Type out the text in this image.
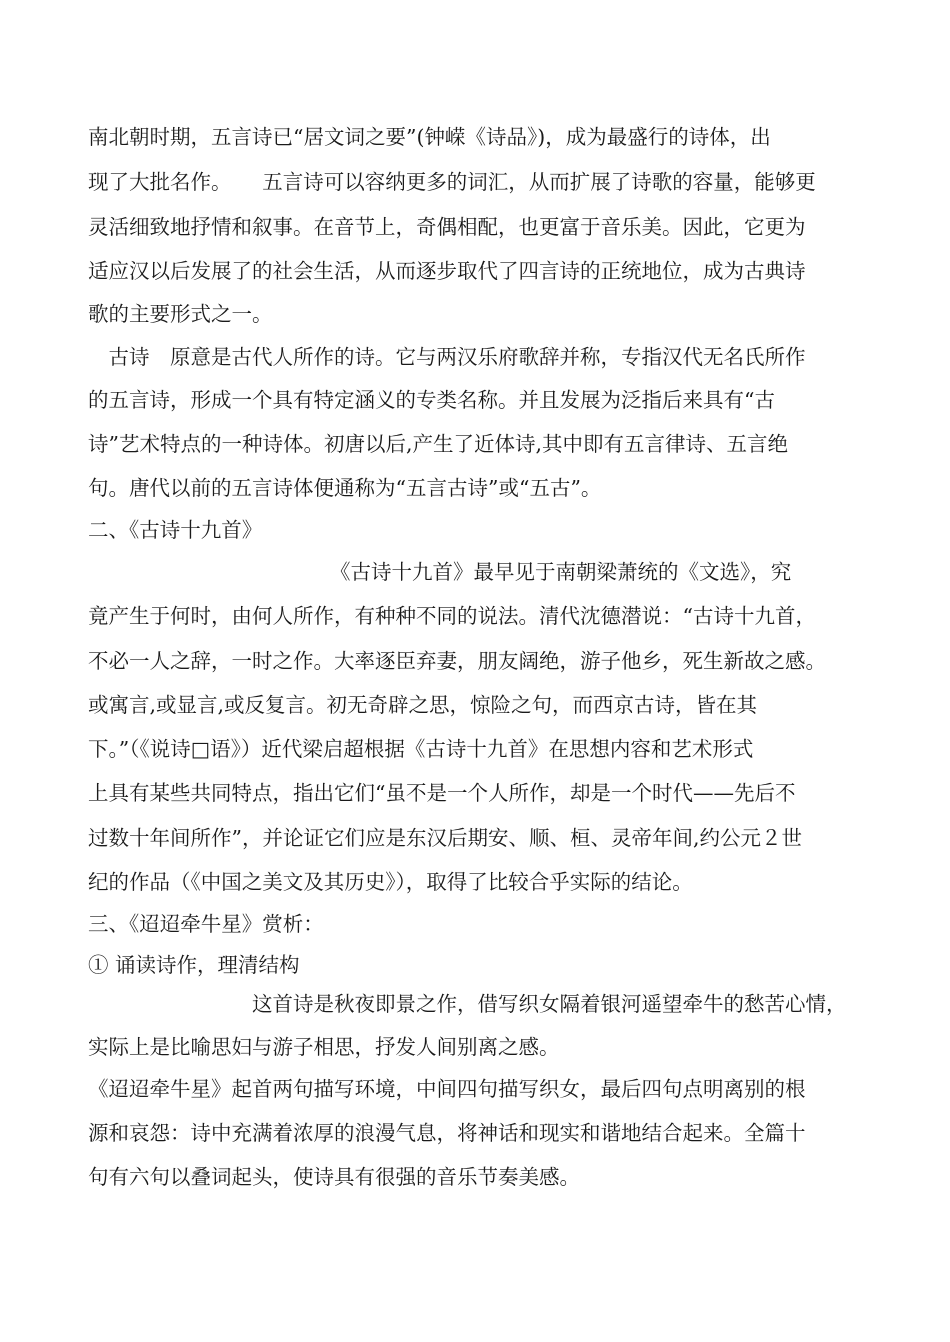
南北朝时期，五言诗已“居文词之要”(钟嵘《诗品》)，成为最盛行的诗体，出
现了大批名作。　　五言诗可以容纳更多的词汇，从而扩展了诗歌的容量，能够更
灵活细致地抒情和叙事。在音节上，奇偶相配，也更富于音乐美。因此，它更为
适应汉以后发展了的社会生活，从而逐步取代了四言诗的正统地位，成为古典诗
歌的主要形式之一。
　古诗　原意是古代人所作的诗。它与两汉乐府歌辞并称，专指汉代无名氏所作
的五言诗，形成一个具有特定涵义的专类名称。并且发展为泛指后来具有“古
诗”艺术特点的一种诗体。初唐以后,产生了近体诗,其中即有五言律诗、五言绝
句。唐代以前的五言诗体便通称为“五言古诗”或“五古”。
二、《古诗十九首》
《古诗十九首》最早见于南朝梁萧统的《文选》，究
竟产生于何时，由何人所作，有种种不同的说法。清代沈德潜说：“古诗十九首，
不必一人之辞，一时之作。大率逐臣弃妻，朋友阔绝，游子他乡，死生新故之感。
或寓言,或显言,或反复言。初无奇辟之思，惊险之句，而西京古诗，皆在其
下。”（《说诗□语》）近代梁启超根据《古诗十九首》在思想内容和艺术形式
上具有某些共同特点，指出它们“虽不是一个人所作，却是一个时代——先后不
过数十年间所作”，并论证它们应是东汉后期安、顺、桓、灵帝年间,约公元２世
纪的作品（《中国之美文及其历史》），取得了比较合乎实际的结论。
三、《迢迢牵牛星》赏析：
① 诵读诗作，理清结构
这首诗是秋夜即景之作，借写织女隔着银河遥望牵牛的愁苦心情，
实际上是比喻思妇与游子相思，抒发人间别离之感。
《迢迢牵牛星》起首两句描写环境，中间四句描写织女，最后四句点明离别的根
源和哀怨：诗中充满着浓厚的浪漫气息，将神话和现实和谐地结合起来。全篇十
句有六句以叠词起头，使诗具有很强的音乐节奏美感。
